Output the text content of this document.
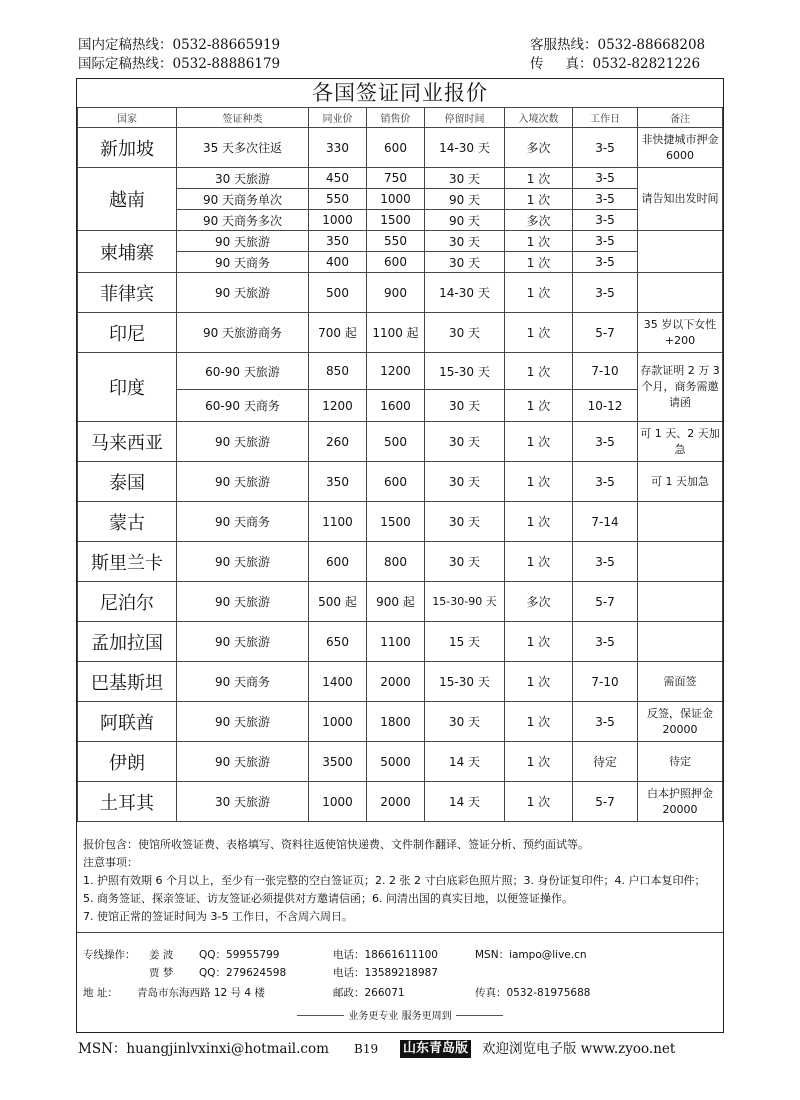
国内定稿热线：0532-88665919
国际定稿热线：0532-88886179
客服热线：0532-88668208
传 真：0532-82821226
各国签证同业报价
国家	签证种类	同业价	销售价	停留时间	入境次数	工作日	备注
新加坡	35 天多次往返	330	600	14-30 天	多次	3-5	非快捷城市押金 6000
越南	30 天旅游	450	750	30 天	1 次	3-5	请告知出发时间
	90 天商务单次	550	1000	90 天	1 次	3-5	
	90 天商务多次	1000	1500	90 天	多次	3-5	
柬埔寨	90 天旅游	350	550	30 天	1 次	3-5	
	90 天商务	400	600	30 天	1 次	3-5	
菲律宾	90 天旅游	500	900	14-30 天	1 次	3-5	
印尼	90 天旅游商务	700 起	1100 起	30 天	1 次	5-7	35 岁以下女性+200
印度	60-90 天旅游	850	1200	15-30 天	1 次	7-10	存款证明 2 万 3 个月，商务需邀请函
	60-90 天商务	1200	1600	30 天	1 次	10-12	
马来西亚	90 天旅游	260	500	30 天	1 次	3-5	可 1 天、2 天加急
泰国	90 天旅游	350	600	30 天	1 次	3-5	可 1 天加急
蒙古	90 天商务	1100	1500	30 天	1 次	7-14	
斯里兰卡	90 天旅游	600	800	30 天	1 次	3-5	
尼泊尔	90 天旅游	500 起	900 起	15-30-90 天	多次	5-7	
孟加拉国	90 天旅游	650	1100	15 天	1 次	3-5	
巴基斯坦	90 天商务	1400	2000	15-30 天	1 次	7-10	需面签
阿联酋	90 天旅游	1000	1800	30 天	1 次	3-5	反签，保证金 20000
伊朗	90 天旅游	3500	5000	14 天	1 次	待定	待定
土耳其	30 天旅游	1000	2000	14 天	1 次	5-7	白本护照押金 20000
报价包含：使馆所收签证费、表格填写、资料往返使馆快递费、文件制作翻译、签证分析、预约面试等。
注意事项：
1. 护照有效期 6 个月以上，至少有一张完整的空白签证页；2. 2 张 2 寸白底彩色照片照；3. 身份证复印件；4. 户口本复印件；5. 商务签证、探亲签证、访友签证必须提供对方邀请信函；6. 问清出国的真实目地，以便签证操作。
7. 使馆正常的签证时间为 3-5 工作日，不含周六周日。
专线操作： 姜 波 QQ：59955799	电话：18661611100	MSN：iampo@live.cn
贾 梦 QQ：279624598	电话：13589218987
地 址： 青岛市东海西路 12 号 4 楼	邮政：266071	传真：0532-81975688
业务更专业 服务更周到
MSN：huangjinlvxinxi@hotmail.com B19 山东青岛版 欢迎浏览电子版 www.zyoo.net
